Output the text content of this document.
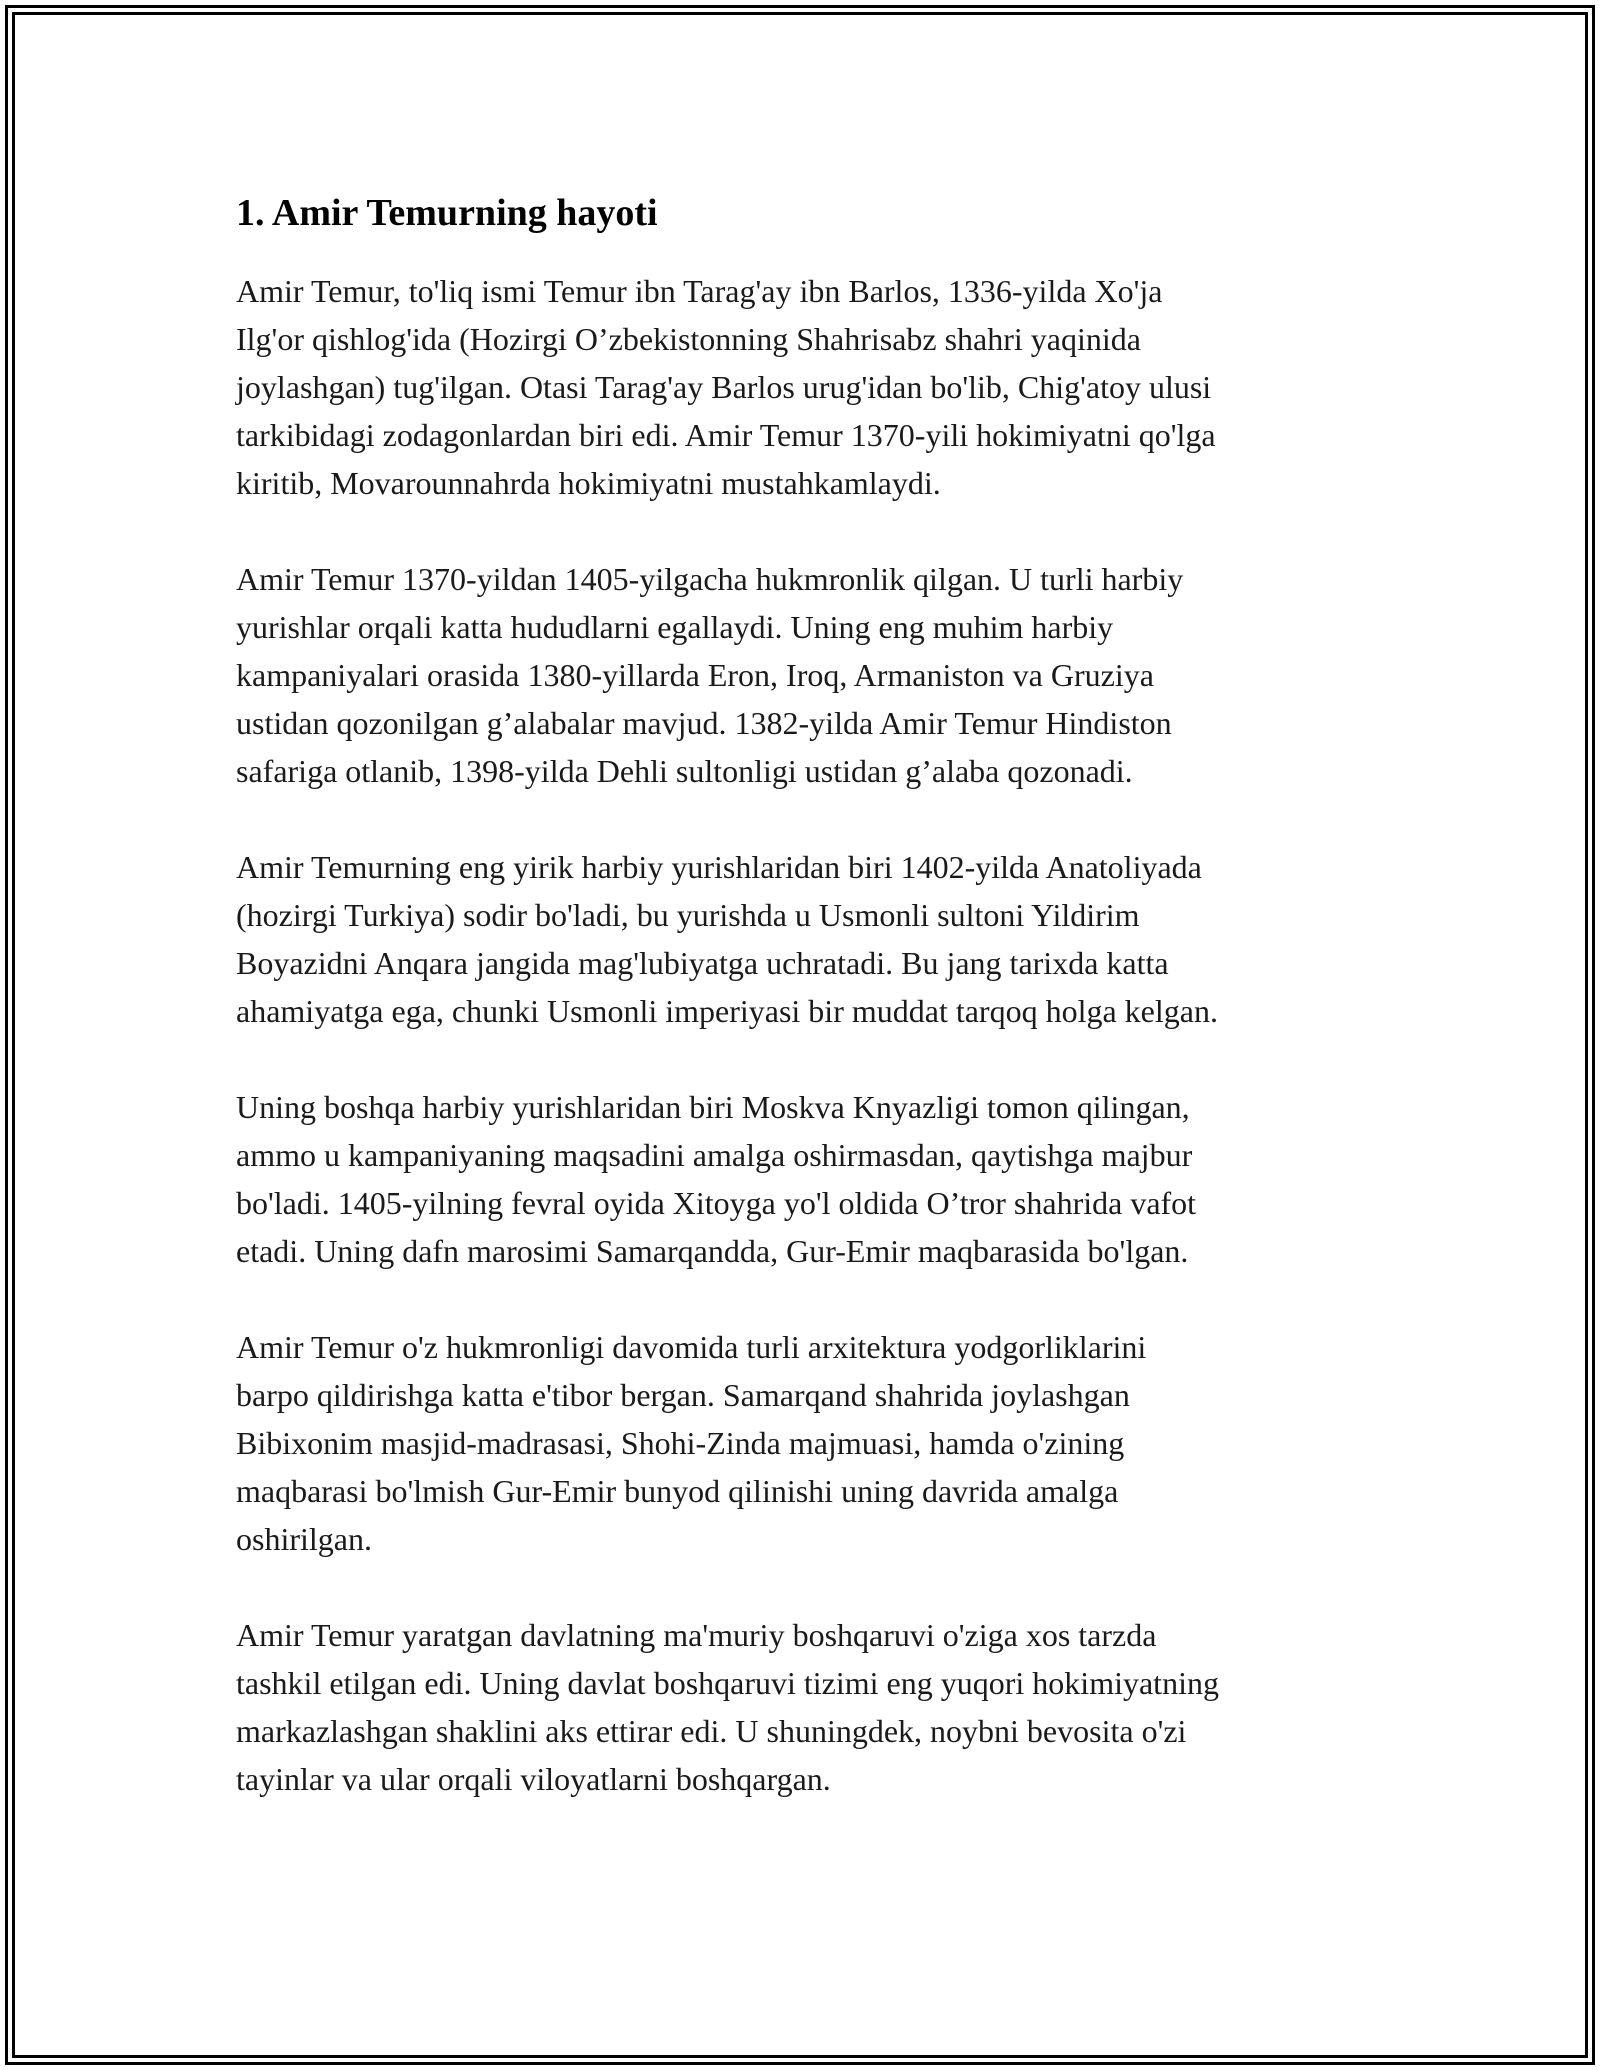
1. Amir Temurning hayoti

Amir Temur, to'liq ismi Temur ibn Tarag'ay ibn Barlos, 1336-yilda Xo'ja
Ilg'or qishlog'ida (Hozirgi O’zbekistonning Shahrisabz shahri yaqinida
joylashgan) tug'ilgan. Otasi Tarag'ay Barlos urug'idan bo'lib, Chig'atoy ulusi
tarkibidagi zodagonlardan biri edi. Amir Temur 1370-yili hokimiyatni qo'lga
kiritib, Movarounnahrda hokimiyatni mustahkamlaydi.

Amir Temur 1370-yildan 1405-yilgacha hukmronlik qilgan. U turli harbiy
yurishlar orqali katta hududlarni egallaydi. Uning eng muhim harbiy
kampaniyalari orasida 1380-yillarda Eron, Iroq, Armaniston va Gruziya
ustidan qozonilgan g’alabalar mavjud. 1382-yilda Amir Temur Hindiston
safariga otlanib, 1398-yilda Dehli sultonligi ustidan g’alaba qozonadi.

Amir Temurning eng yirik harbiy yurishlaridan biri 1402-yilda Anatoliyada
(hozirgi Turkiya) sodir bo'ladi, bu yurishda u Usmonli sultoni Yildirim
Boyazidni Anqara jangida mag'lubiyatga uchratadi. Bu jang tarixda katta
ahamiyatga ega, chunki Usmonli imperiyasi bir muddat tarqoq holga kelgan.

Uning boshqa harbiy yurishlaridan biri Moskva Knyazligi tomon qilingan,
ammo u kampaniyaning maqsadini amalga oshirmasdan, qaytishga majbur
bo'ladi. 1405-yilning fevral oyida Xitoyga yo'l oldida O’tror shahrida vafot
etadi. Uning dafn marosimi Samarqandda, Gur-Emir maqbarasida bo'lgan.

Amir Temur o'z hukmronligi davomida turli arxitektura yodgorliklarini
barpo qildirishga katta e'tibor bergan. Samarqand shahrida joylashgan
Bibixonim masjid-madrasasi, Shohi-Zinda majmuasi, hamda o'zining
maqbarasi bo'lmish Gur-Emir bunyod qilinishi uning davrida amalga
oshirilgan.

Amir Temur yaratgan davlatning ma'muriy boshqaruvi o'ziga xos tarzda
tashkil etilgan edi. Uning davlat boshqaruvi tizimi eng yuqori hokimiyatning
markazlashgan shaklini aks ettirar edi. U shuningdek, noybni bevosita o'zi
tayinlar va ular orqali viloyatlarni boshqargan.
